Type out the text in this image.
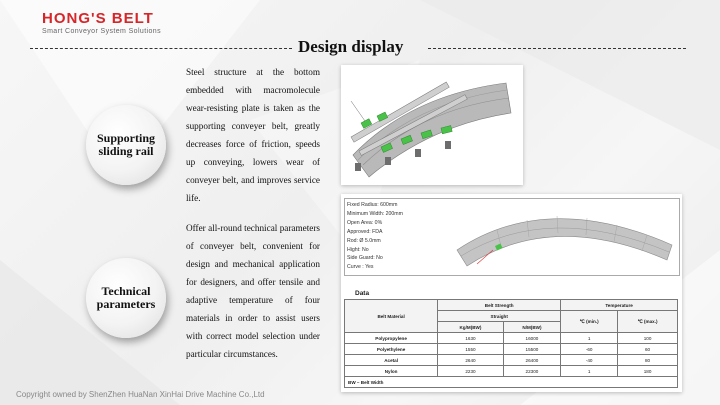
HONG'S BELT
Smart Conveyor System Solutions
Design display
Supporting
sliding rail
Steel structure at the bottom embedded with macromolecule wear-resisting plate is taken as the supporting conveyer belt, greatly decreases force of friction, speeds up conveying, lowers wear of conveyer belt, and improves service life.
Technical
parameters
Offer all-round technical parameters of conveyer belt, convenient for design and mechanical application for designers, and offer tensile and adaptive temperature of four materials in order to assist users with correct model selection under particular circumstances.
Fixed Radius: 600mm
Minimum Width: 200mm
Open Area: 0%
Approved: FDA
Rod: Ø 5.0mm
Hight: No
Side Guard: No
Curve : Yes
Data
Belt Material	Belt Strength		Temperature	
	Straight		℃ (min.)	℃ (max.)
	Kg/M(BW)	N/M(BW)		
Polypropylene	1630	16000	1	100
Polyethylene	1550	15500	-60	60
Acetal	2640	26400	-40	80
Nylon	2230	22300	1	180
BW – Belt Width				
Copyright owned by ShenZhen HuaNan XinHai Drive Machine Co.,Ltd
